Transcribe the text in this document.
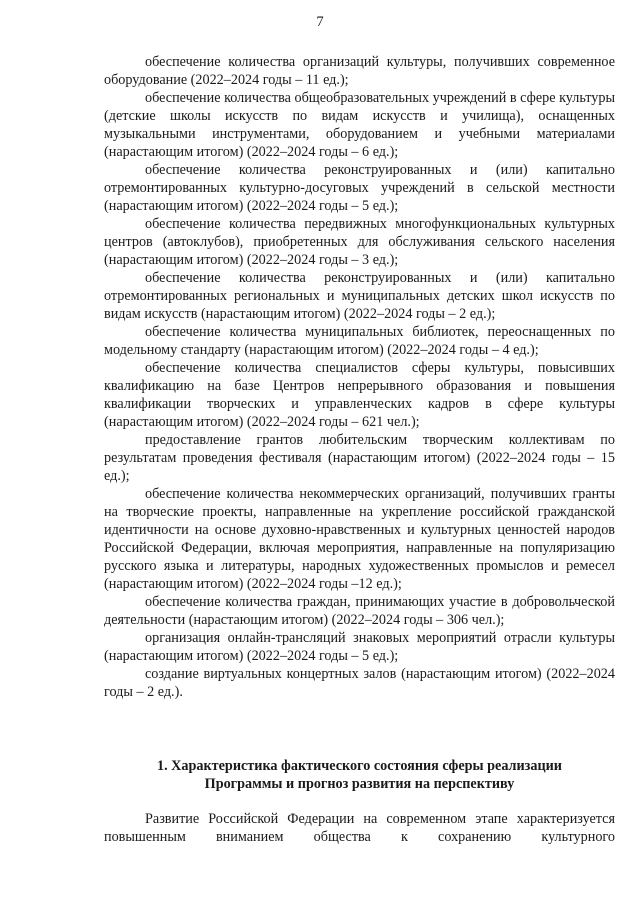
7

обеспечение количества организаций культуры, получивших современное оборудование (2022–2024 годы – 11 ед.);

обеспечение количества общеобразовательных учреждений в сфере культуры (детские школы искусств по видам искусств и училища), оснащенных музыкальными инструментами, оборудованием и учебными материалами (нарастающим итогом) (2022–2024 годы – 6 ед.);

обеспечение количества реконструированных и (или) капитально отремонтированных культурно-досуговых учреждений в сельской местности (нарастающим итогом) (2022–2024 годы – 5 ед.);

обеспечение количества передвижных многофункциональных культурных центров (автоклубов), приобретенных для обслуживания сельского населения (нарастающим итогом) (2022–2024 годы – 3 ед.);

обеспечение количества реконструированных и (или) капитально отремонтированных региональных и муниципальных детских школ искусств по видам искусств (нарастающим итогом) (2022–2024 годы – 2 ед.);

обеспечение количества муниципальных библиотек, переоснащенных по модельному стандарту (нарастающим итогом) (2022–2024 годы – 4 ед.);

обеспечение количества специалистов сферы культуры, повысивших квалификацию на базе Центров непрерывного образования и повышения квалификации творческих и управленческих кадров в сфере культуры (нарастающим итогом) (2022–2024 годы – 621 чел.);

предоставление грантов любительским творческим коллективам по результатам проведения фестиваля (нарастающим итогом) (2022–2024 годы – 15 ед.);

обеспечение количества некоммерческих организаций, получивших гранты на творческие проекты, направленные на укрепление российской гражданской идентичности на основе духовно-нравственных и культурных ценностей народов Российской Федерации, включая мероприятия, направленные на популяризацию русского языка и литературы, народных художественных промыслов и ремесел (нарастающим итогом) (2022–2024 годы –12 ед.);

обеспечение количества граждан, принимающих участие в добровольческой деятельности (нарастающим итогом) (2022–2024 годы – 306 чел.);

организация онлайн-трансляций знаковых мероприятий отрасли культуры (нарастающим итогом) (2022–2024 годы – 5 ед.);

создание виртуальных концертных залов (нарастающим итогом) (2022–2024 годы – 2 ед.).

1. Характеристика фактического состояния сферы реализации
Программы и прогноз развития на перспективу

Развитие Российской Федерации на современном этапе характеризуется повышенным вниманием общества к сохранению культурного
